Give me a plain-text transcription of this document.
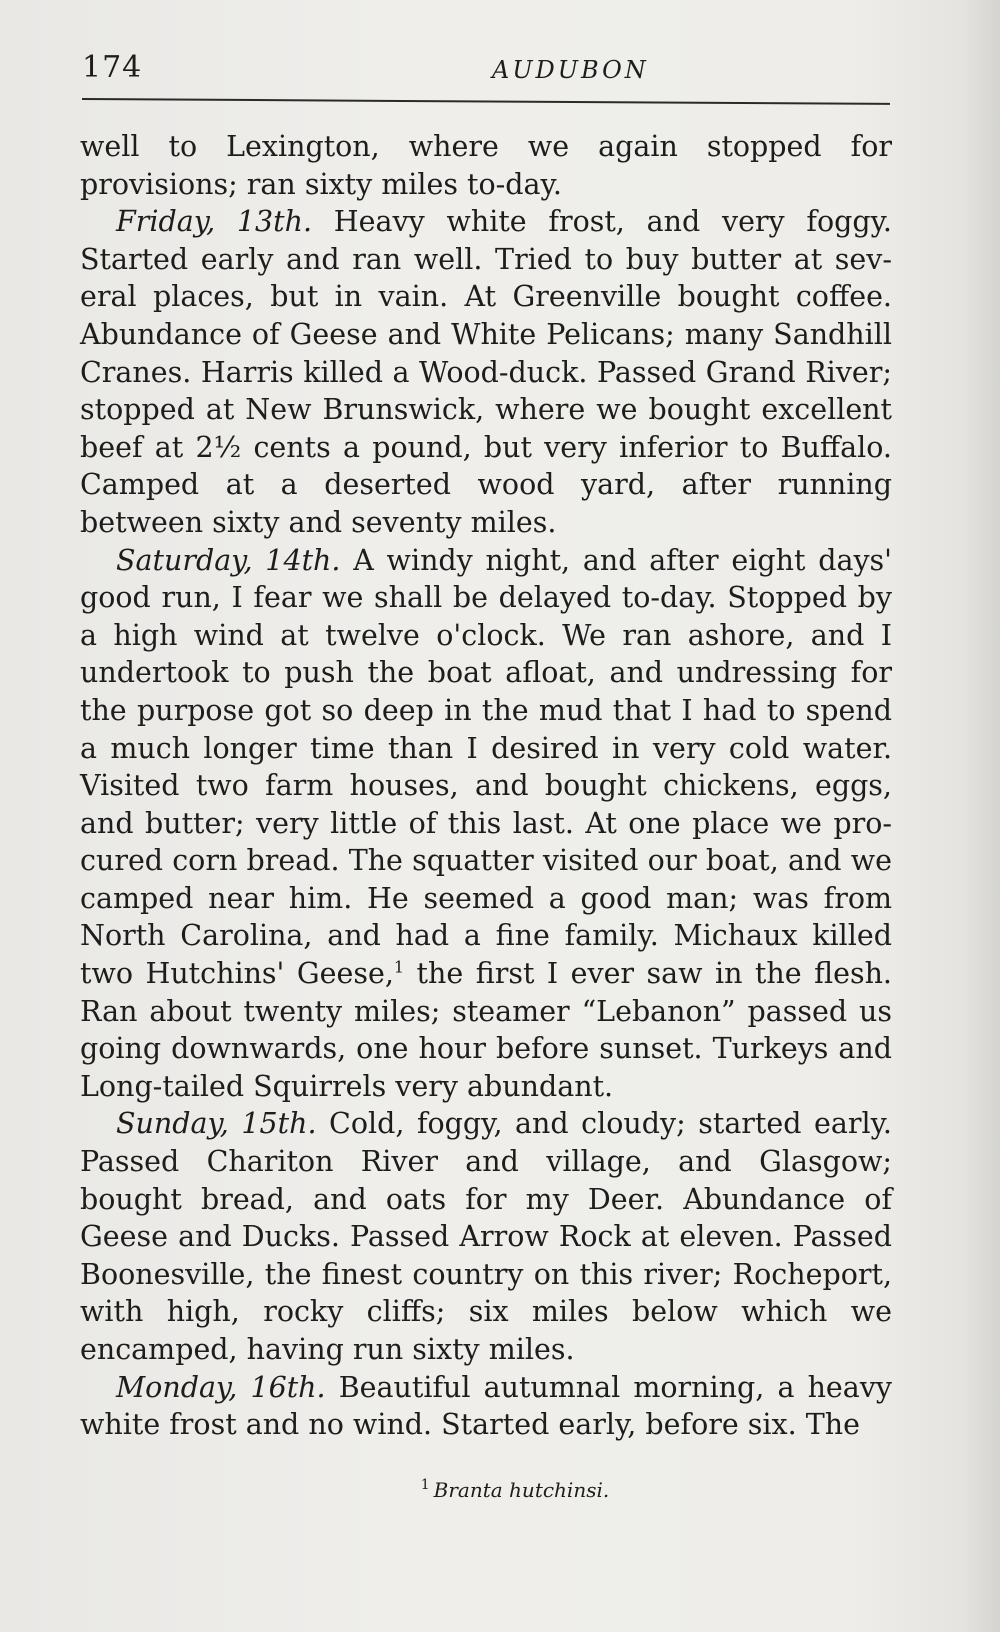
174	AUDUBON

well to Lexington, where we again stopped for provisions; ran sixty miles to-day.

Friday, 13th. Heavy white frost, and very foggy. Started early and ran well. Tried to buy butter at several places, but in vain. At Greenville bought coffee. Abundance of Geese and White Pelicans; many Sandhill Cranes. Harris killed a Wood-duck. Passed Grand River; stopped at New Brunswick, where we bought excellent beef at 2½ cents a pound, but very inferior to Buffalo. Camped at a deserted wood yard, after running between sixty and seventy miles.

Saturday, 14th. A windy night, and after eight days' good run, I fear we shall be delayed to-day. Stopped by a high wind at twelve o'clock. We ran ashore, and I undertook to push the boat afloat, and undressing for the purpose got so deep in the mud that I had to spend a much longer time than I desired in very cold water. Visited two farm houses, and bought chickens, eggs, and butter; very little of this last. At one place we procured corn bread. The squatter visited our boat, and we camped near him. He seemed a good man; was from North Carolina, and had a fine family. Michaux killed two Hutchins' Geese,$^1$ the first I ever saw in the flesh. Ran about twenty miles; steamer “Lebanon” passed us going downwards, one hour before sunset. Turkeys and Long-tailed Squirrels very abundant.

Sunday, 15th. Cold, foggy, and cloudy; started early. Passed Chariton River and village, and Glasgow; bought bread, and oats for my Deer. Abundance of Geese and Ducks. Passed Arrow Rock at eleven. Passed Boonesville, the finest country on this river; Rocheport, with high, rocky cliffs; six miles below which we encamped, having run sixty miles.

Monday, 16th. Beautiful autumnal morning, a heavy white frost and no wind. Started early, before six. The

$^1$ Branta hutchinsi.
